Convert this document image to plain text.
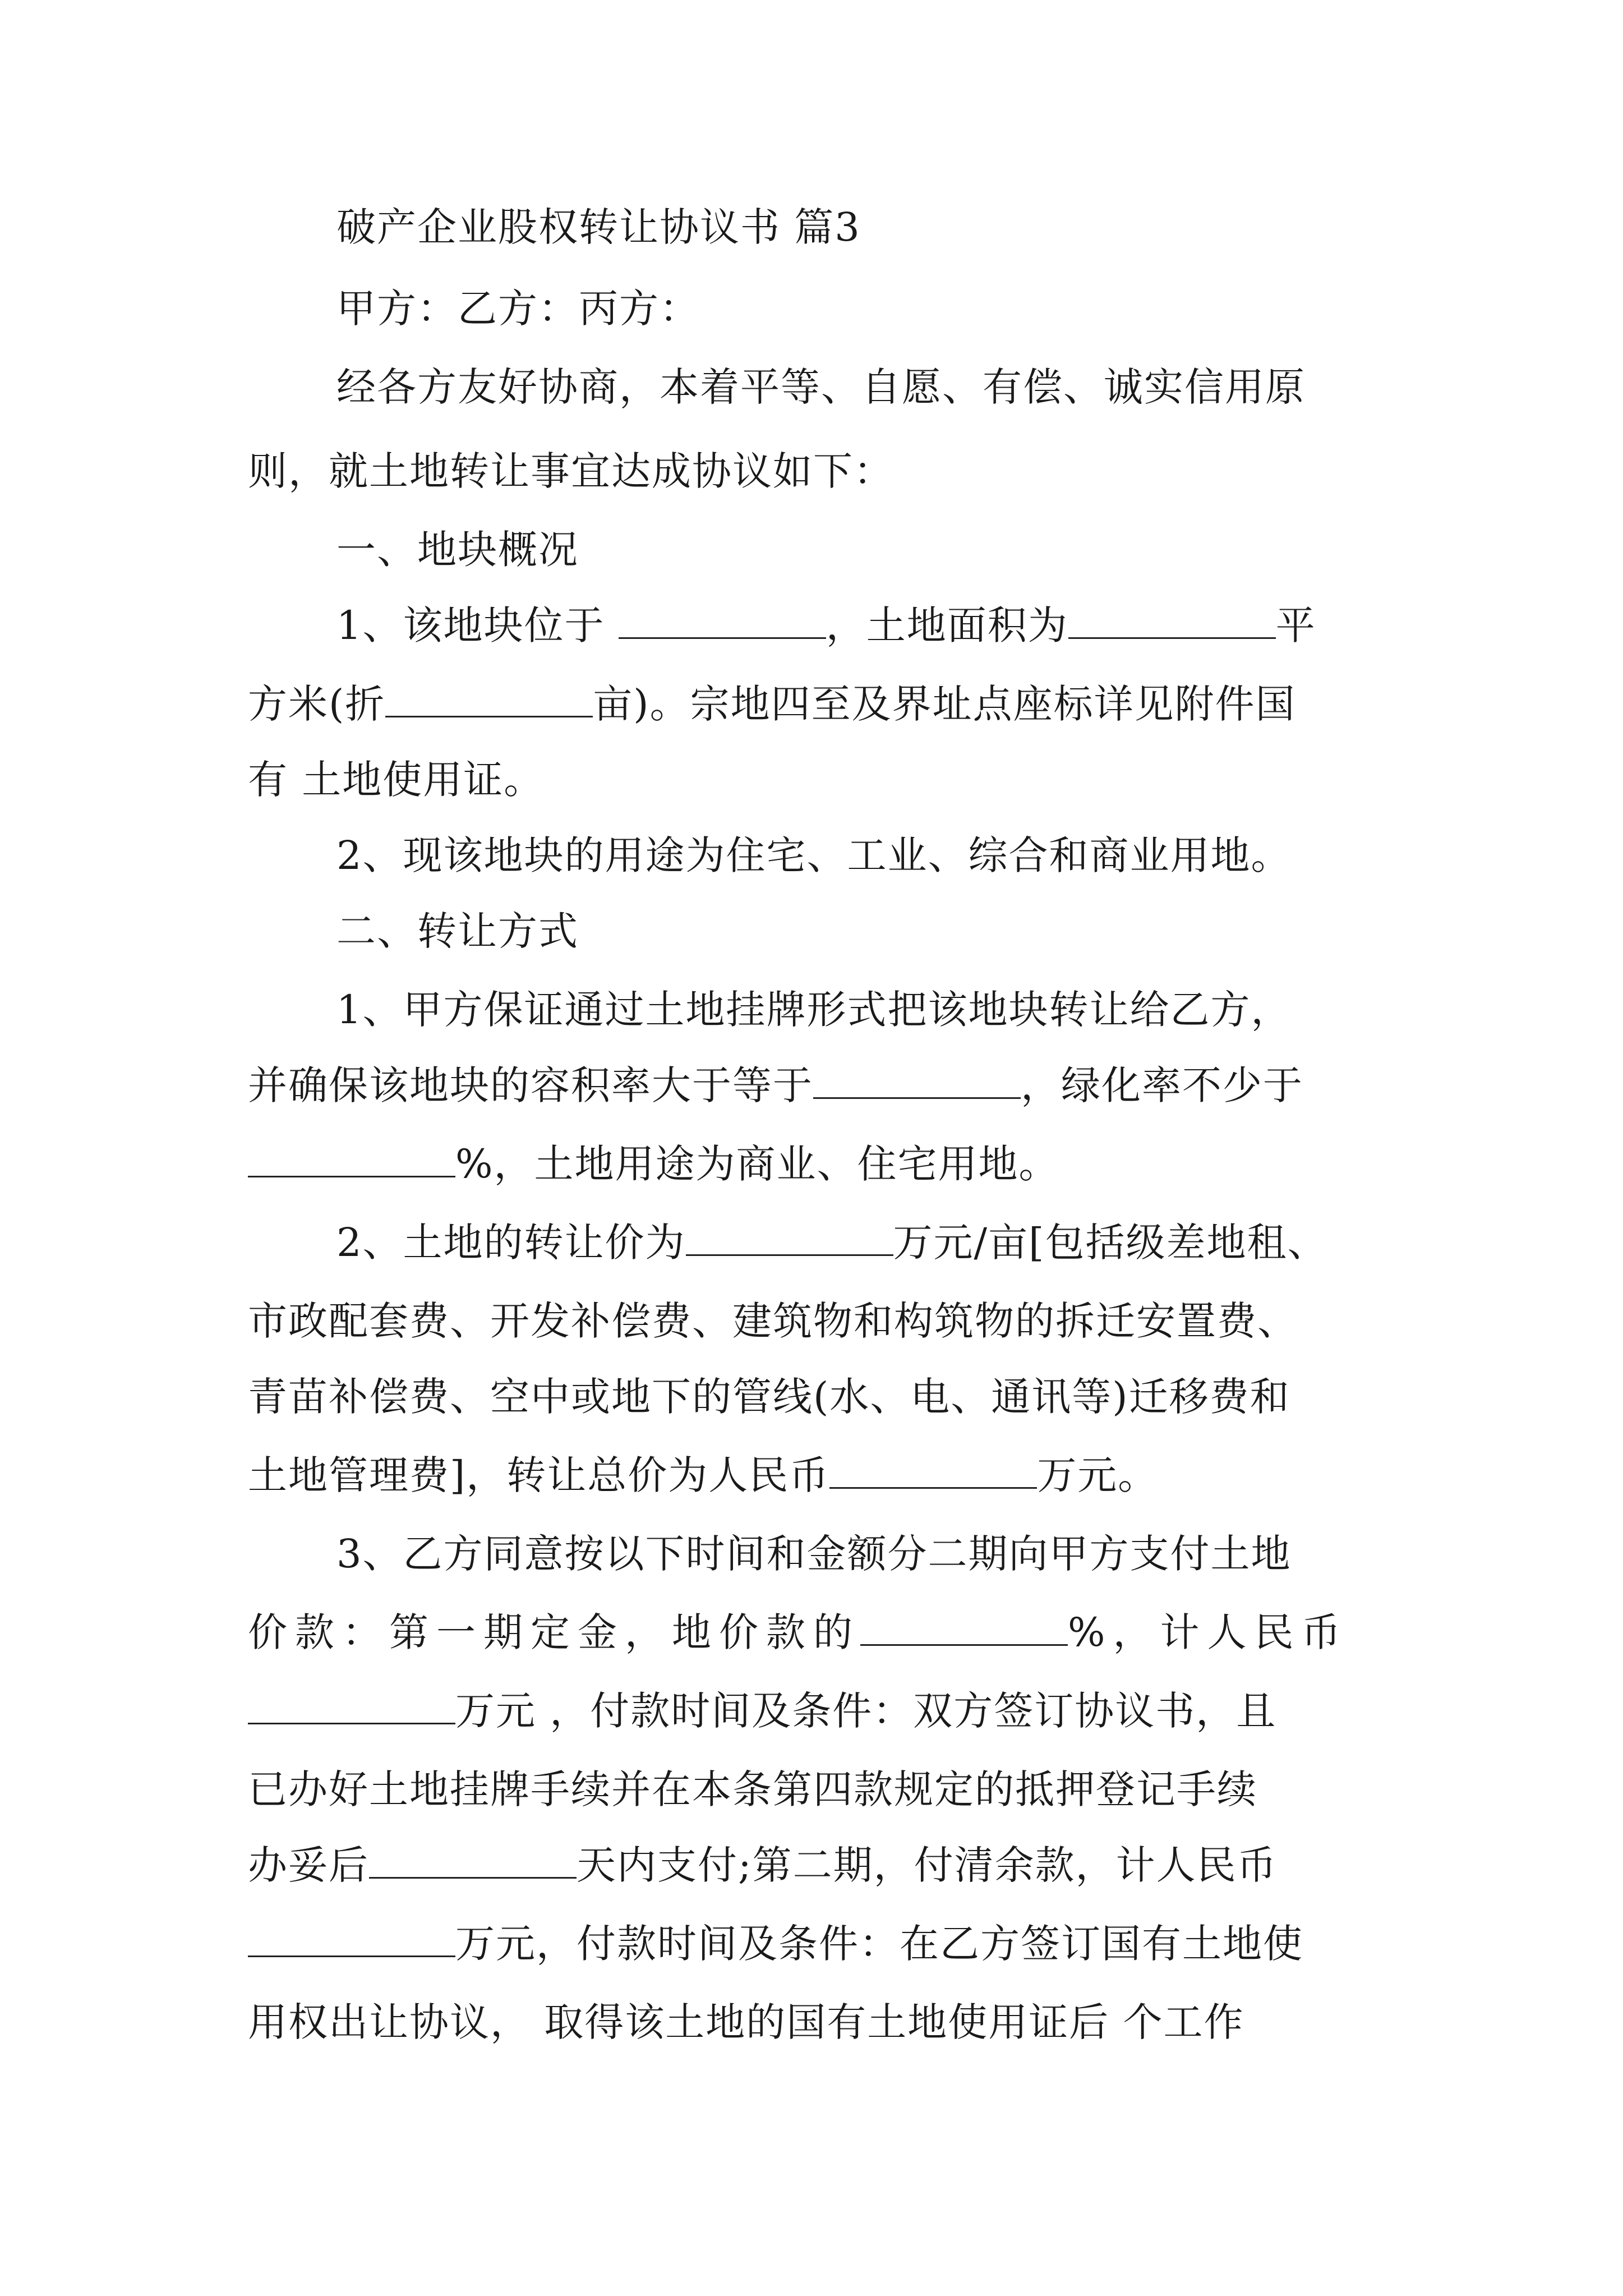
破产企业股权转让协议书 篇3
甲方：乙方：丙方：
经各方友好协商，本着平等、自愿、有偿、诚实信用原
则，就土地转让事宜达成协议如下：
一、地块概况
1、该地块位于	，土地面积为	平
方米(折	亩)。宗地四至及界址点座标详见附件国
有 土地使用证。
2、现该地块的用途为住宅、工业、综合和商业用地。
二、转让方式
1、甲方保证通过土地挂牌形式把该地块转让给乙方，
并确保该地块的容积率大于等于	，绿化率不少于
%，土地用途为商业、住宅用地。
2、土地的转让价为	万元/亩[包括级差地租、
市政配套费、开发补偿费、建筑物和构筑物的拆迁安置费、
青苗补偿费、空中或地下的管线(水、电、通讯等)迁移费和
土地管理费]，转让总价为人民币	万元。
3、乙方同意按以下时间和金额分二期向甲方支付土地
价款：第一期定金，地价款的	%，计人民币
万元 ，付款时间及条件：双方签订协议书，且
已办好土地挂牌手续并在本条第四款规定的抵押登记手续
办妥后	天内支付;第二期，付清余款，计人民币
万元，付款时间及条件：在乙方签订国有土地使
用权出让协议， 取得该土地的国有土地使用证后 个工作
